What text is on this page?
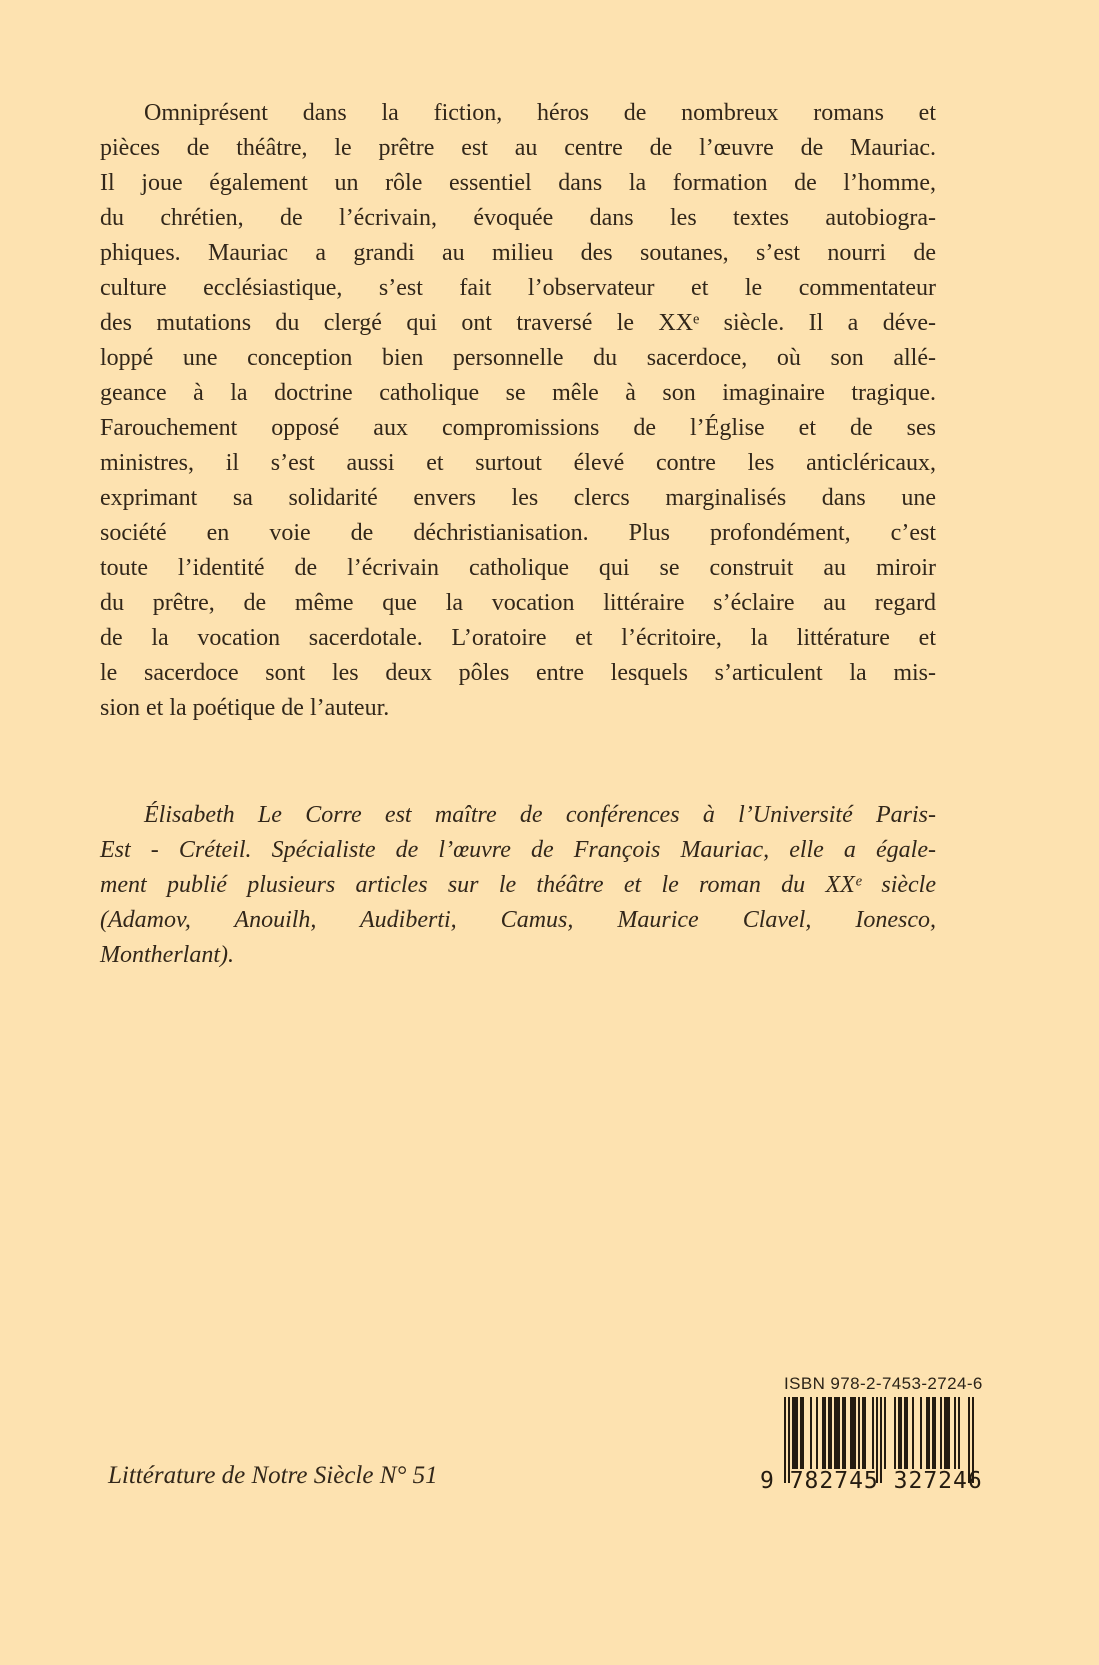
Omniprésent dans la fiction, héros de nombreux romans et
pièces de théâtre, le prêtre est au centre de l’œuvre de Mauriac.
Il joue également un rôle essentiel dans la formation de l’homme,
du chrétien, de l’écrivain, évoquée dans les textes autobiogra-
phiques. Mauriac a grandi au milieu des soutanes, s’est nourri de
culture ecclésiastique, s’est fait l’observateur et le commentateur
des mutations du clergé qui ont traversé le XXᵉ siècle. Il a déve-
loppé une conception bien personnelle du sacerdoce, où son allé-
geance à la doctrine catholique se mêle à son imaginaire tragique.
Farouchement opposé aux compromissions de l’Église et de ses
ministres, il s’est aussi et surtout élevé contre les anticléricaux,
exprimant sa solidarité envers les clercs marginalisés dans une
société en voie de déchristianisation. Plus profondément, c’est
toute l’identité de l’écrivain catholique qui se construit au miroir
du prêtre, de même que la vocation littéraire s’éclaire au regard
de la vocation sacerdotale. L’oratoire et l’écritoire, la littérature et
le sacerdoce sont les deux pôles entre lesquels s’articulent la mis-
sion et la poétique de l’auteur.
Élisabeth Le Corre est maître de conférences à l’Université Paris-
Est - Créteil. Spécialiste de l’œuvre de François Mauriac, elle a égale-
ment publié plusieurs articles sur le théâtre et le roman du XXᵉ siècle
(Adamov, Anouilh, Audiberti, Camus, Maurice Clavel, Ionesco,
Montherlant).
Littérature de Notre Siècle N° 51
ISBN 978-2-7453-2724-6
9 782745 327246
